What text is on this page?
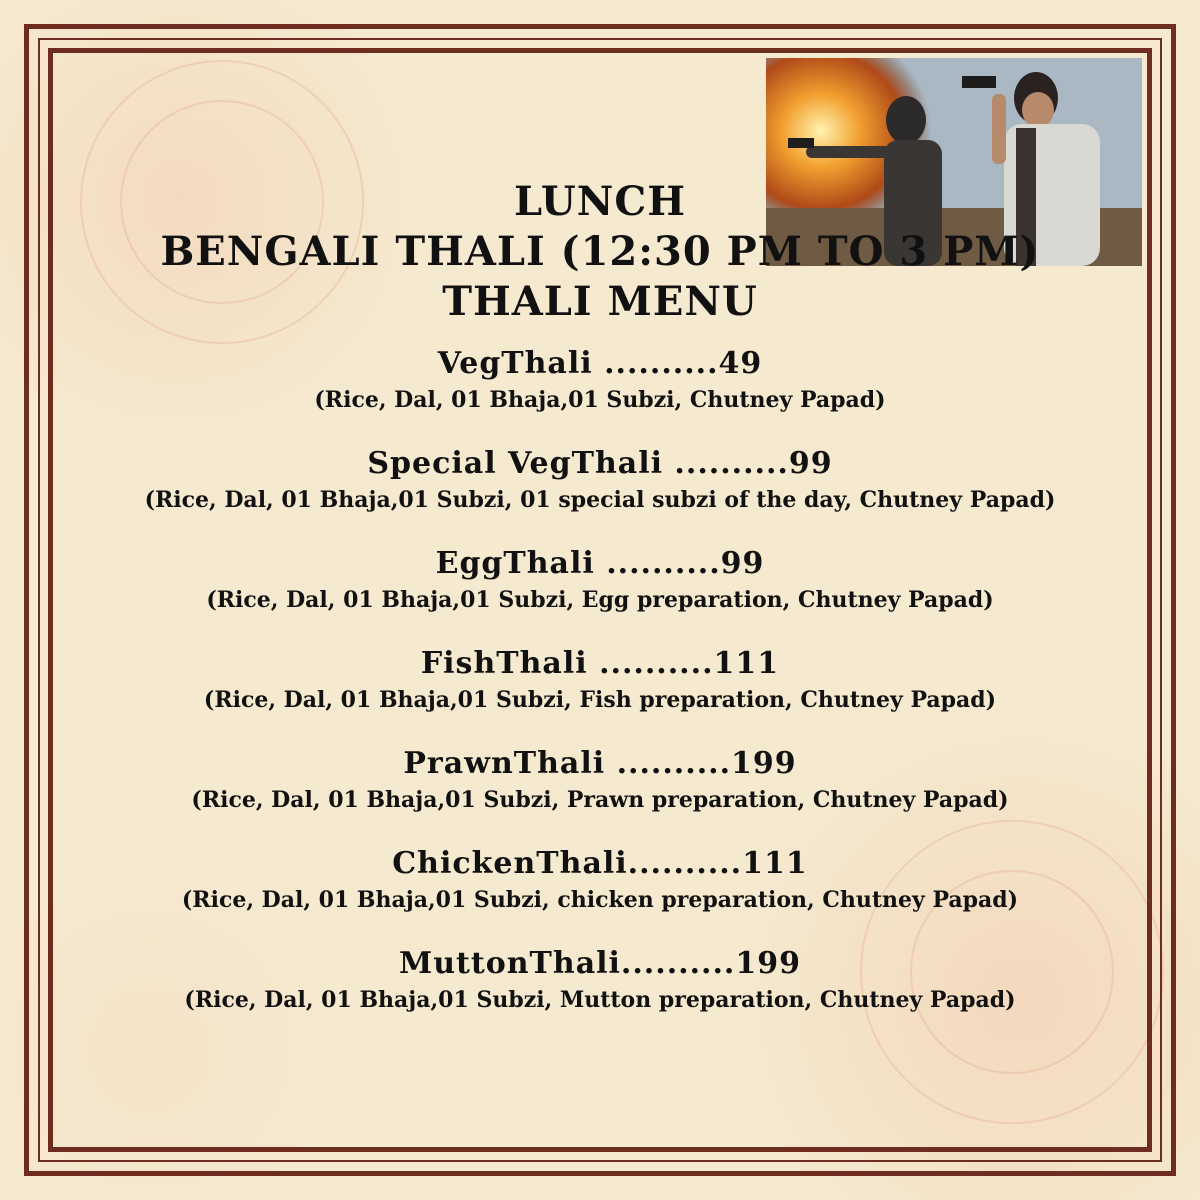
LUNCH
BENGALI THALI (12:30 PM TO 3 PM)
THALI MENU
VegThali ..........49
(Rice, Dal, 01 Bhaja,01 Subzi, Chutney Papad)
Special VegThali ..........99
(Rice, Dal, 01 Bhaja,01 Subzi, 01 special subzi of the day, Chutney Papad)
EggThali ..........99
(Rice, Dal, 01 Bhaja,01 Subzi, Egg preparation, Chutney Papad)
FishThali ..........111
(Rice, Dal, 01 Bhaja,01 Subzi, Fish preparation, Chutney Papad)
PrawnThali ..........199
(Rice, Dal, 01 Bhaja,01 Subzi, Prawn preparation, Chutney Papad)
ChickenThali..........111
(Rice, Dal, 01 Bhaja,01 Subzi, chicken preparation, Chutney Papad)
MuttonThali..........199
(Rice, Dal, 01 Bhaja,01 Subzi, Mutton preparation, Chutney Papad)
